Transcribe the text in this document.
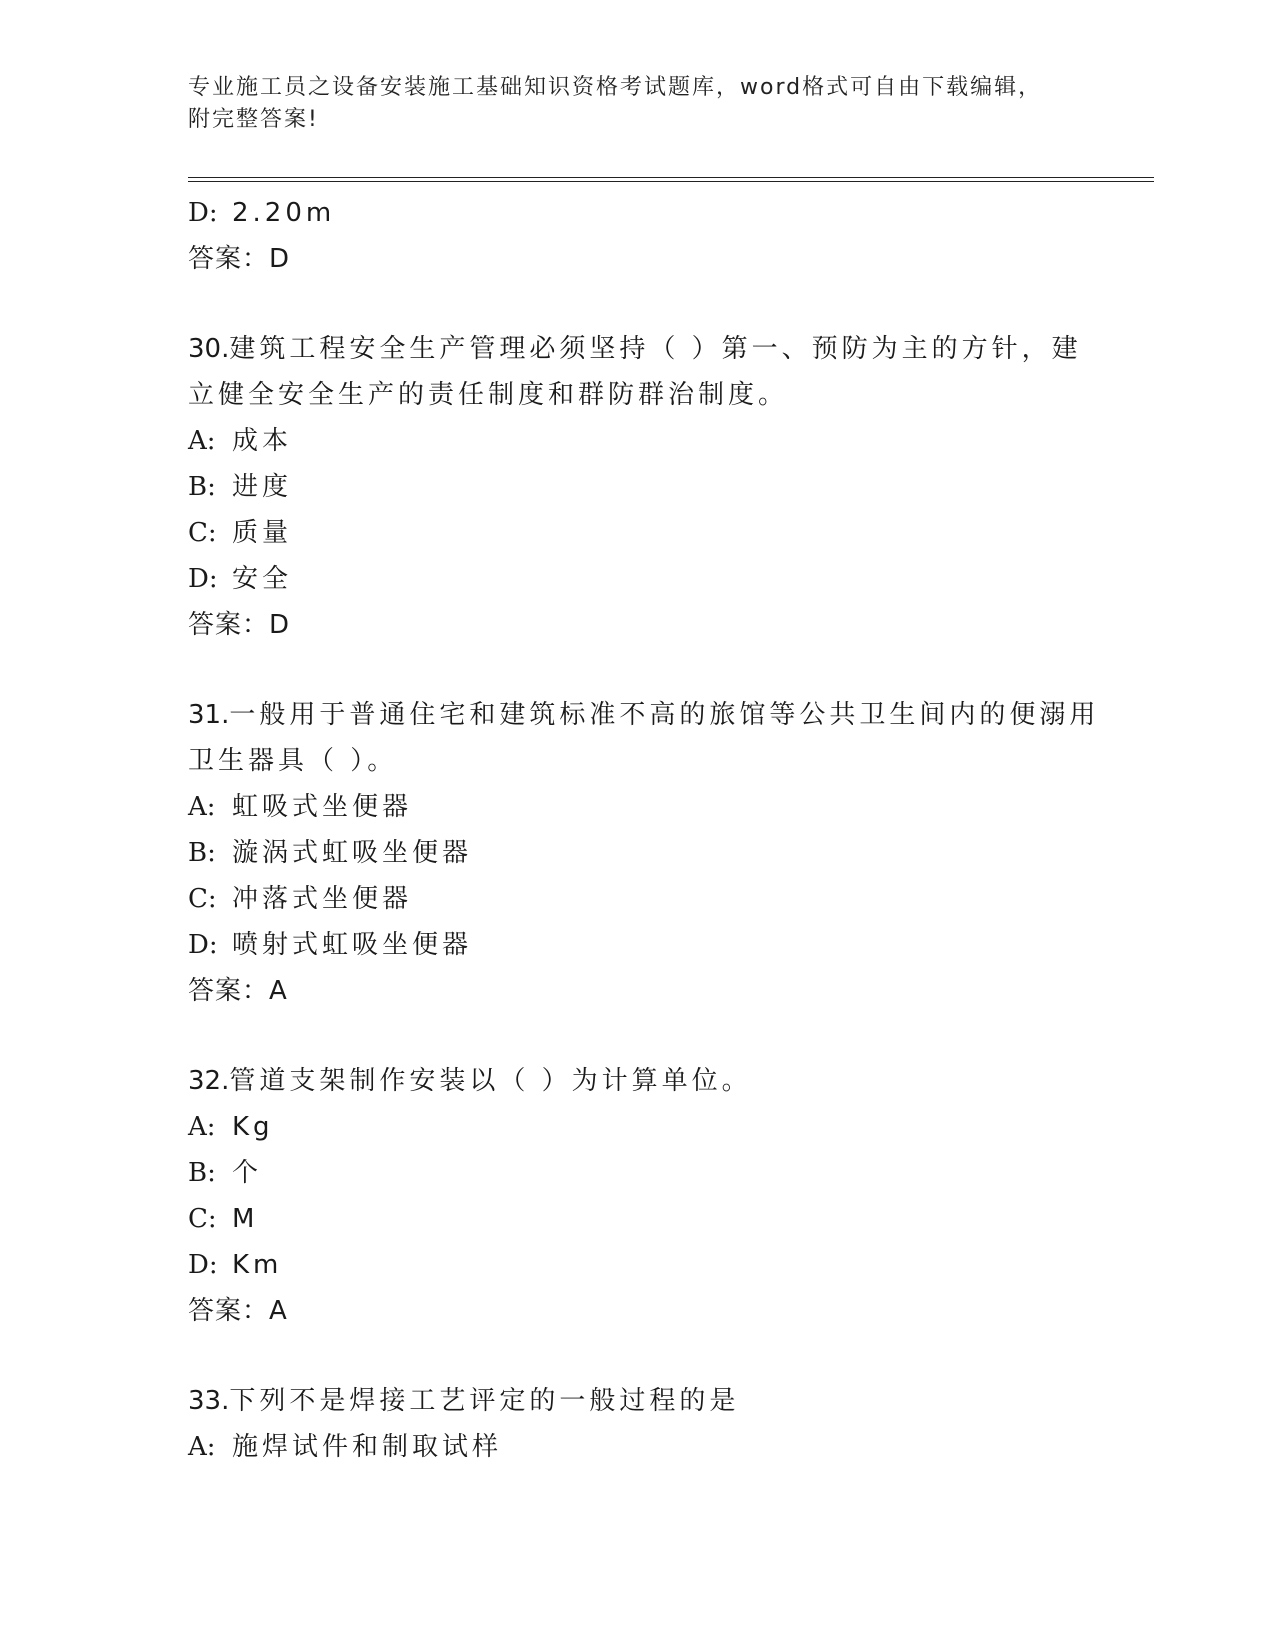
专业施工员之设备安装施工基础知识资格考试题库，word格式可自由下载编辑，
附完整答案!
D: 2.20m
答案：D
30.建筑工程安全生产管理必须坚持（ ）第一、预防为主的方针，建
立健全安全生产的责任制度和群防群治制度。
A: 成本
B: 进度
C: 质量
D: 安全
答案：D
31.一般用于普通住宅和建筑标准不高的旅馆等公共卫生间内的便溺用
卫生器具（ ）。
A: 虹吸式坐便器
B: 漩涡式虹吸坐便器
C: 冲落式坐便器
D: 喷射式虹吸坐便器
答案：A
32.管道支架制作安装以（ ）为计算单位。
A: Kg
B: 个
C: M
D: Km
答案：A
33.下列不是焊接工艺评定的一般过程的是
A: 施焊试件和制取试样
